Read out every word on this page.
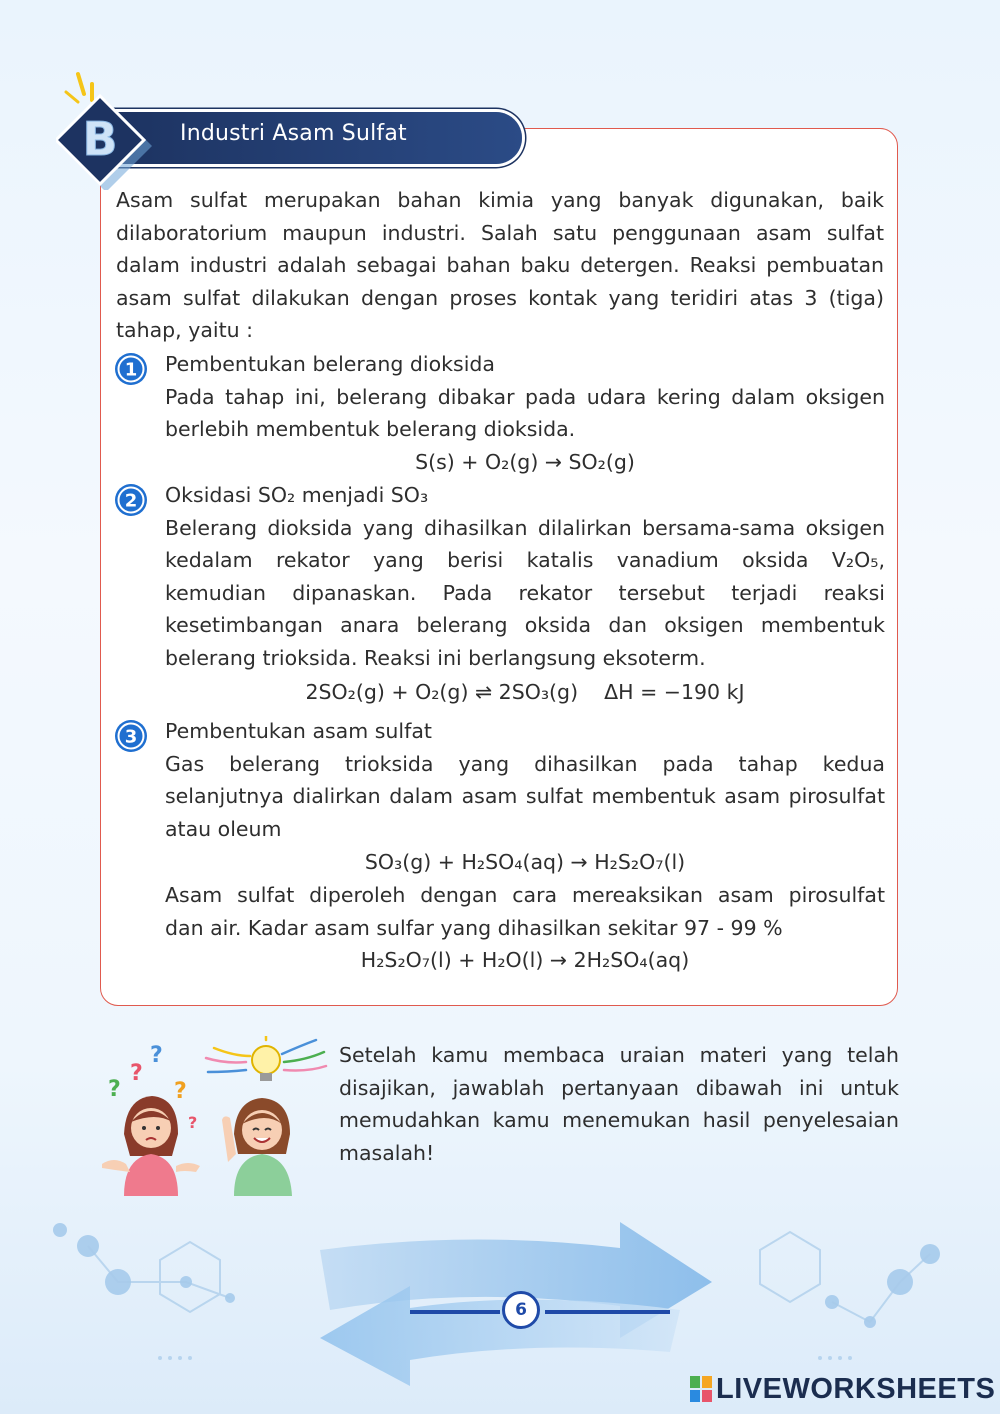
Industri Asam Sulfat
B
Asam sulfat merupakan bahan kimia yang banyak digunakan, baik
dilaboratorium maupun industri. Salah satu penggunaan asam sulfat
dalam industri adalah sebagai bahan baku detergen. Reaksi pembuatan
asam sulfat dilakukan dengan proses kontak yang teridiri atas 3 (tiga)
tahap, yaitu :
1 Pembentukan belerang dioksida
Pada tahap ini, belerang dibakar pada udara kering dalam oksigen
berlebih membentuk belerang dioksida.
S(s) + O₂(g) → SO₂(g)
2 Oksidasi SO₂ menjadi SO₃
Belerang dioksida yang dihasilkan dilalirkan bersama-sama oksigen
kedalam rekator yang berisi katalis vanadium oksida V₂O₅,
kemudian dipanaskan. Pada rekator tersebut terjadi reaksi
kesetimbangan anara belerang oksida dan oksigen membentuk
belerang trioksida. Reaksi ini berlangsung eksoterm.
2SO₂(g) + O₂(g) ⇌ 2SO₃(g)    ΔH = −190 kJ
3 Pembentukan asam sulfat
Gas belerang trioksida yang dihasilkan pada tahap kedua
selanjutnya dialirkan dalam asam sulfat membentuk asam pirosulfat
atau oleum
SO₃(g) + H₂SO₄(aq) → H₂S₂O₇(l)
Asam sulfat diperoleh dengan cara mereaksikan asam pirosulfat
dan air. Kadar asam sulfar yang dihasilkan sekitar 97 - 99 %
H₂S₂O₇(l) + H₂O(l) → 2H₂SO₄(aq)
?
?
? ?
?
Setelah kamu membaca uraian materi yang telah
disajikan, jawablah pertanyaan dibawah ini untuk
memudahkan kamu menemukan hasil penyelesaian
masalah!
6
LIVEWORKSHEETS
